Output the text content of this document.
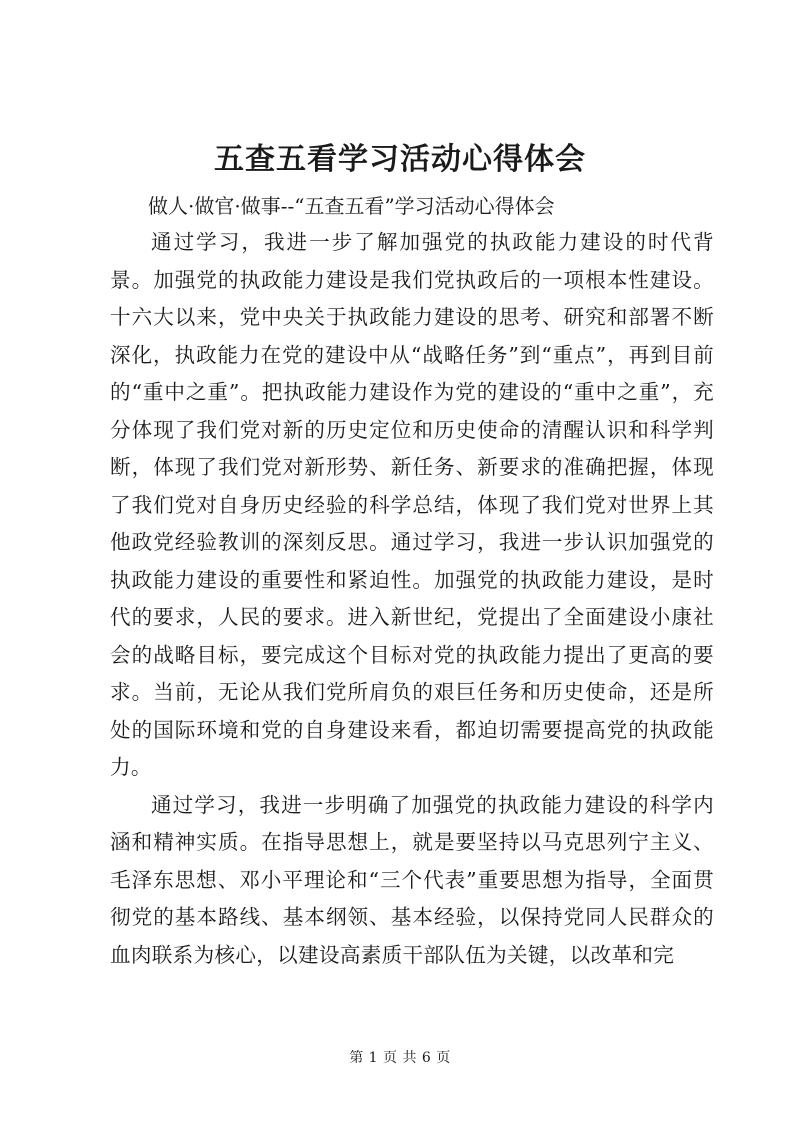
五查五看学习活动心得体会

做人·做官·做事--“五查五看”学习活动心得体会

通过学习，我进一步了解加强党的执政能力建设的时代背景。加强党的执政能力建设是我们党执政后的一项根本性建设。十六大以来，党中央关于执政能力建设的思考、研究和部署不断深化，执政能力在党的建设中从“战略任务”到“重点”，再到目前的“重中之重”。把执政能力建设作为党的建设的“重中之重”，充分体现了我们党对新的历史定位和历史使命的清醒认识和科学判断，体现了我们党对新形势、新任务、新要求的准确把握，体现了我们党对自身历史经验的科学总结，体现了我们党对世界上其他政党经验教训的深刻反思。通过学习，我进一步认识加强党的执政能力建设的重要性和紧迫性。加强党的执政能力建设，是时代的要求，人民的要求。进入新世纪，党提出了全面建设小康社会的战略目标，要完成这个目标对党的执政能力提出了更高的要求。当前，无论从我们党所肩负的艰巨任务和历史使命，还是所处的国际环境和党的自身建设来看，都迫切需要提高党的执政能力。

通过学习，我进一步明确了加强党的执政能力建设的科学内涵和精神实质。在指导思想上，就是要坚持以马克思列宁主义、毛泽东思想、邓小平理论和“三个代表”重要思想为指导，全面贯彻党的基本路线、基本纲领、基本经验，以保持党同人民群众的血肉联系为核心，以建设高素质干部队伍为关键，以改革和完

第 1 页 共 6 页
